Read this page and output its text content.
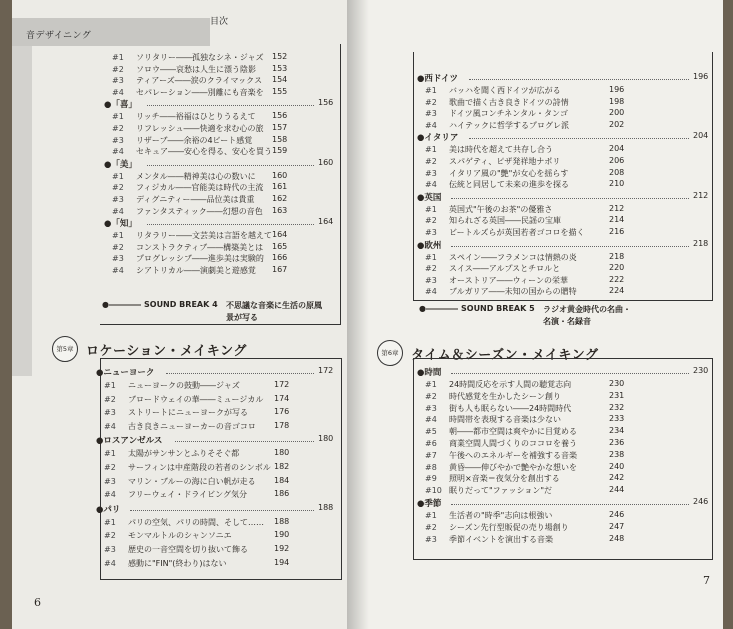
音デザイニング
目次
#1 ソリタリー――孤独なシネ・ジャズ 152
#2 ソロウ――哀愁は人生に漂う陰影 153
#3 ティアーズ――涙のクライマックス 154
#4 セパレーション――別離にも音楽を 155
●「喜」	156
#1 リッチ――裕福はひとりうるえて 156
#2 リフレッシュ――快適を求む心の旅 157
#3 リザーブ――余裕の4ビート感覚 158
#4 セキュア――安心を得る、安心を買う 159
●「美」	160
#1 メンタル――精神美は心の数いに 160
#2 フィジカル――官能美は時代の主流 161
#3 ディグニティー――品位美は貴重 162
#4 ファンタスティック――幻想の音色 163
●「知」	164
#1 リタラリー――文芸美は言語を越えて 164
#2 コンストラクティブ――構築美とは 165
#3 プログレッシブ――進歩美は実験的 166
#4 シアトリカル――演劇美と遊感覚 167
●―――― SOUND BREAK 4 不思議な音楽に生活の原風
景が写る
第5章 ロケーション・メイキング
●ニューヨーク	172
#1 ニューヨークの鼓動――ジャズ	172
#2 ブロードウェイの華――ミュージカル 174
#3 ストリートにニューヨークが写る	176
#4 古き良きニューヨーカーの音ゴコロ 178
●ロスアンゼルス	180
#1 太陽がサンサンとふりそそぐ都	180
#2 サーフィンは中産階段の若者のシンボル 182
#3 マリン・ブルーの海に白い帆が走る 184
#4 フリーウェイ・ドライビング気分	186
●パリ	188
#1 パリの空気、パリの時間、そして…… 188
#2 モンマルトルのシャンソニエ	190
#3 歴史の一音空間を切り抜いて飾る	192
#4 感動に"FIN"(終わり)はない	194
6
●西ドイツ	196
#1 バッハを聞く西ドイツが広がる	196
#2 歌曲で描く古き良きドイツの詩情	198
#3 ドイツ風コンチネンタル・タンゴ	200
#4 ハイテックに哲学するプログレ派	202
●イタリア	204
#1 美は時代を超えて共存し合う	204
#2 スパゲティ、ピザ発祥地ナポリ	206
#3 イタリア風の"艶"が女心を揺らす	208
#4 伝統と同居して未来の進歩を探る	210
●英国	212
#1 英国式"午後のお茶"の優雅さ	212
#2 知られざる英国――民謡の宝庫	214
#3 ビートルズらが英国若者ゴコロを描く	216
●欧州	218
#1 スペイン――フラメンコは情熱の炎	218
#2 スイス――アルプスとチロルと	220
#3 オーストリア――ウィーンの栄華	222
#4 ブルガリア――未知の国からの贈特	224
●―――― SOUND BREAK 5 ラジオ黄金時代の名曲・
名演・名録音
第6章 タイム＆シーズン・メイキング
●時間	230
#1 24時間反応を示す人間の聴覚志向	230
#2 時代感覚を生かしたシーン創り	231
#3 街も人も眠らない――24時間時代	232
#4 時間帯を表現する音楽は少ない	233
#5 朝――都市空間は爽やかに目覚める	234
#6 商業空間人間づくりのココロを養う	236
#7 午後へのエネルギーを補強する音楽	238
#8 黄昏――伸びやかで艶やかな想いを	240
#9 照明×音楽＝夜気分を創出する	242
#10 眠りだって"ファッション"だ	244
●季節	246
#1 生活者の"時季"志向は根強い	246
#2 シーズン先行型販促の売り場創り	247
#3 季節イベントを演出する音楽	248
7
